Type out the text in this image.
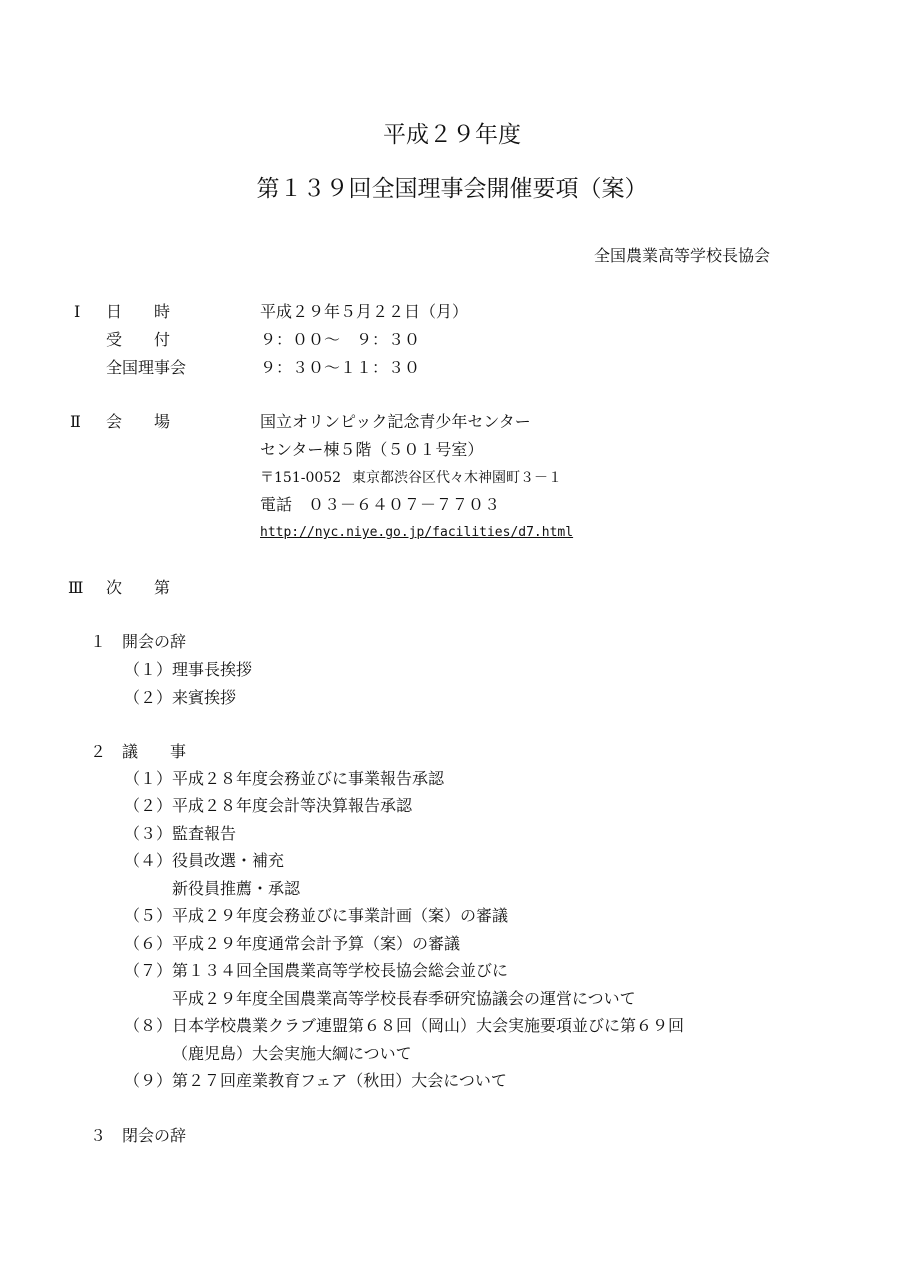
平成２９年度
第１３９回全国理事会開催要項（案）
全国農業高等学校長協会
Ⅰ 日　　時	平成２９年５月２２日（月）
受　　付	９：００～　９：３０
全国理事会	９：３０～１１：３０
Ⅱ 会　　場	国立オリンピック記念青少年センター
センター棟５階（５０１号室）
〒151-0052 東京都渋谷区代々木神園町３－１
電話　０３－６４０７－７７０３
http://nyc.niye.go.jp/facilities/d7.html
Ⅲ 次　　第
１　開会の辞
（１）理事長挨拶
（２）来賓挨拶
２　議　　事
（１）平成２８年度会務並びに事業報告承認
（２）平成２８年度会計等決算報告承認
（３）監査報告
（４）役員改選・補充
新役員推薦・承認
（５）平成２９年度会務並びに事業計画（案）の審議
（６）平成２９年度通常会計予算（案）の審議
（７）第１３４回全国農業高等学校長協会総会並びに
平成２９年度全国農業高等学校長春季研究協議会の運営について
（８）日本学校農業クラブ連盟第６８回（岡山）大会実施要項並びに第６９回
（鹿児島）大会実施大綱について
（９）第２７回産業教育フェア（秋田）大会について
３　閉会の辞
